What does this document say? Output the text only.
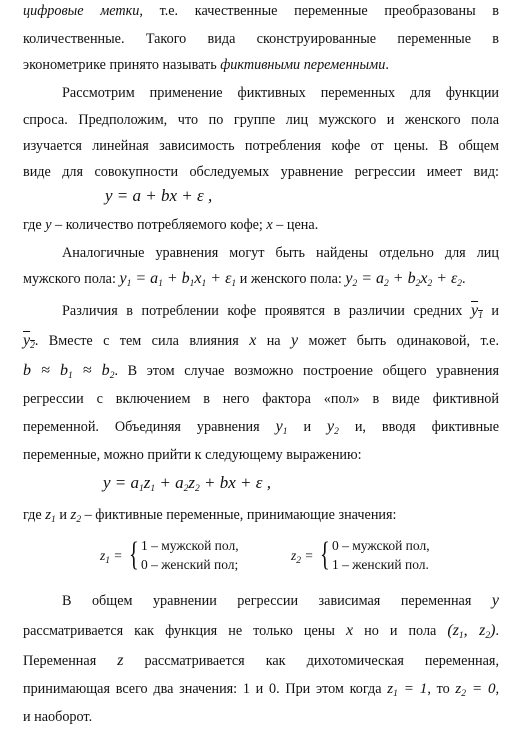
цифровые метки, т.е. качественные переменные преобразованы в
количественные. Такого вида сконструированные переменные в
эконометрике принято называть фиктивными переменными.
Рассмотрим применение фиктивных переменных для функции
спроса. Предположим, что по группе лиц мужского и женского пола
изучается линейная зависимость потребления кофе от цены. В общем
виде для совокупности обследуемых уравнение регрессии имеет вид:
y = a + bx + ε ,
где y – количество потребляемого кофе; x – цена.
Аналогичные уравнения могут быть найдены отдельно для лиц
мужского пола: $y_1 = a_1 + b_1x_1 + \varepsilon_1$ и женского пола: $y_2 = a_2 + b_2x_2 + \varepsilon_2$.
Различия в потреблении кофе проявятся в различии средних $y_1$ и
$y_2$. Вместе с тем сила влияния x на y может быть одинаковой, т.е.
$b \approx b_1 \approx b_2$. В этом случае возможно построение общего уравнения
регрессии с включением в него фактора «пол» в виде фиктивной
переменной. Объединяя уравнения $y_1$ и $y_2$ и, вводя фиктивные
переменные, можно прийти к следующему выражению:
$y = a_1z_1 + a_2z_2$ + bx + ε ,
где $z_1$ и $z_2$ – фиктивные переменные, принимающие значения:
$z_1$ = { 1 – мужской пол,
0 – женский пол;
$z_2$ = { 0 – мужской пол,
1 – женский пол.
В общем уравнении регрессии зависимая переменная y
рассматривается как функция не только цены x но и пола ($z_1$, $z_2$).
Переменная z рассматривается как дихотомическая переменная,
принимающая всего два значения: 1 и 0. При этом когда $z_1 = 1$, то $z_2 = 0$,
и наоборот.
